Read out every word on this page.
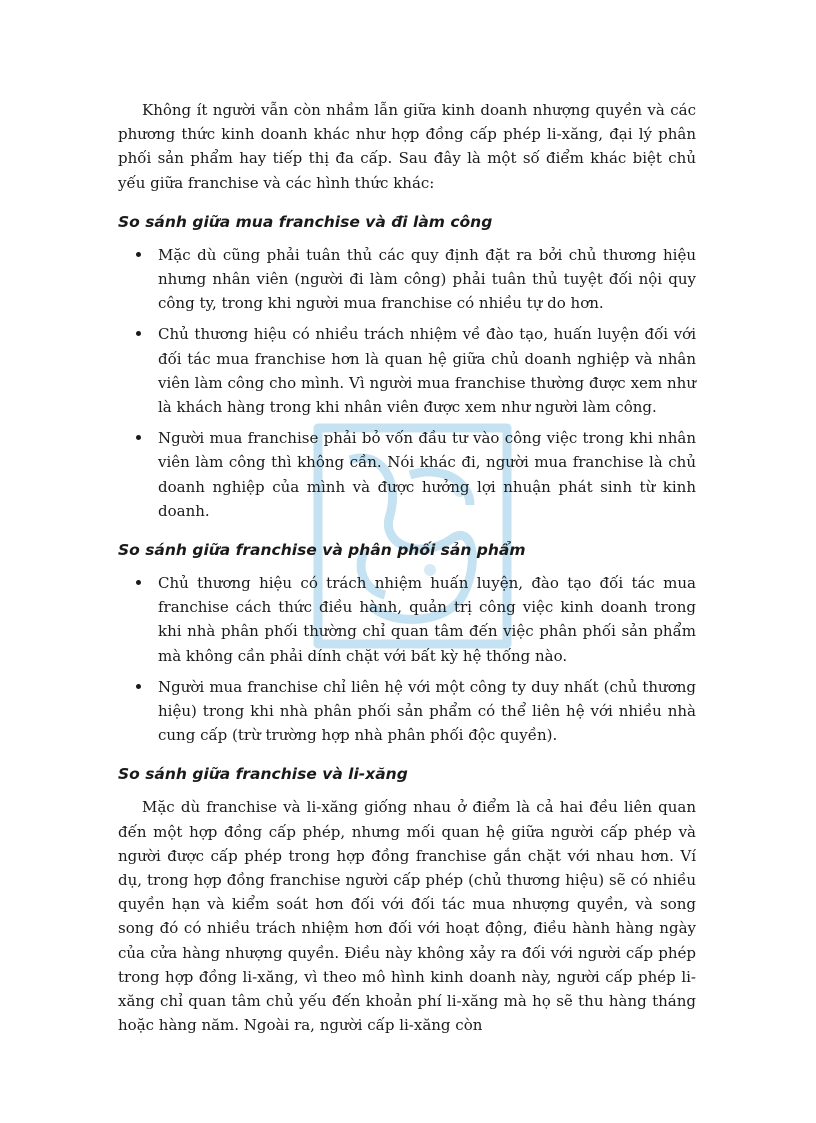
Không ít người vẫn còn nhầm lẫn giữa kinh doanh nhượng quyền và các phương thức kinh doanh khác như hợp đồng cấp phép li-xăng, đại lý phân phối sản phẩm hay tiếp thị đa cấp. Sau đây là một số điểm khác biệt chủ yếu giữa franchise và các hình thức khác:

So sánh giữa mua franchise và đi làm công
Mặc dù cũng phải tuân thủ các quy định đặt ra bởi chủ thương hiệu nhưng nhân viên (người đi làm công) phải tuân thủ tuyệt đối nội quy công ty, trong khi người mua franchise có nhiều tự do hơn.
Chủ thương hiệu có nhiều trách nhiệm về đào tạo, huấn luyện đối với đối tác mua franchise hơn là quan hệ giữa chủ doanh nghiệp và nhân viên làm công cho mình. Vì người mua franchise thường được xem như là khách hàng trong khi nhân viên được xem như người làm công.
Người mua franchise phải bỏ vốn đầu tư vào công việc trong khi nhân viên làm công thì không cần. Nói khác đi, người mua franchise là chủ doanh nghiệp của mình và được hưởng lợi nhuận phát sinh từ kinh doanh.
So sánh giữa franchise và phân phối sản phẩm
Chủ thương hiệu có trách nhiệm huấn luyện, đào tạo đối tác mua franchise cách thức điều hành, quản trị công việc kinh doanh trong khi nhà phân phối thường chỉ quan tâm đến việc phân phối sản phẩm mà không cần phải dính chặt với bất kỳ hệ thống nào.
Người mua franchise chỉ liên hệ với một công ty duy nhất (chủ thương hiệu) trong khi nhà phân phối sản phẩm có thể liên hệ với nhiều nhà cung cấp (trừ trường hợp nhà phân phối độc quyền).
So sánh giữa franchise và li-xăng

Mặc dù franchise và li-xăng giống nhau ở điểm là cả hai đều liên quan đến một hợp đồng cấp phép, nhưng mối quan hệ giữa người cấp phép và người được cấp phép trong hợp đồng franchise gắn chặt với nhau hơn. Ví dụ, trong hợp đồng franchise người cấp phép (chủ thương hiệu) sẽ có nhiều quyền hạn và kiểm soát hơn đối với đối tác mua nhượng quyền, và song song đó có nhiều trách nhiệm hơn đối với hoạt động, điều hành hàng ngày của cửa hàng nhượng quyền. Điều này không xảy ra đối với người cấp phép trong hợp đồng li-xăng, vì theo mô hình kinh doanh này, người cấp phép li-xăng chỉ quan tâm chủ yếu đến khoản phí li-xăng mà họ sẽ thu hàng tháng hoặc hàng năm. Ngoài ra, người cấp li-xăng còn
